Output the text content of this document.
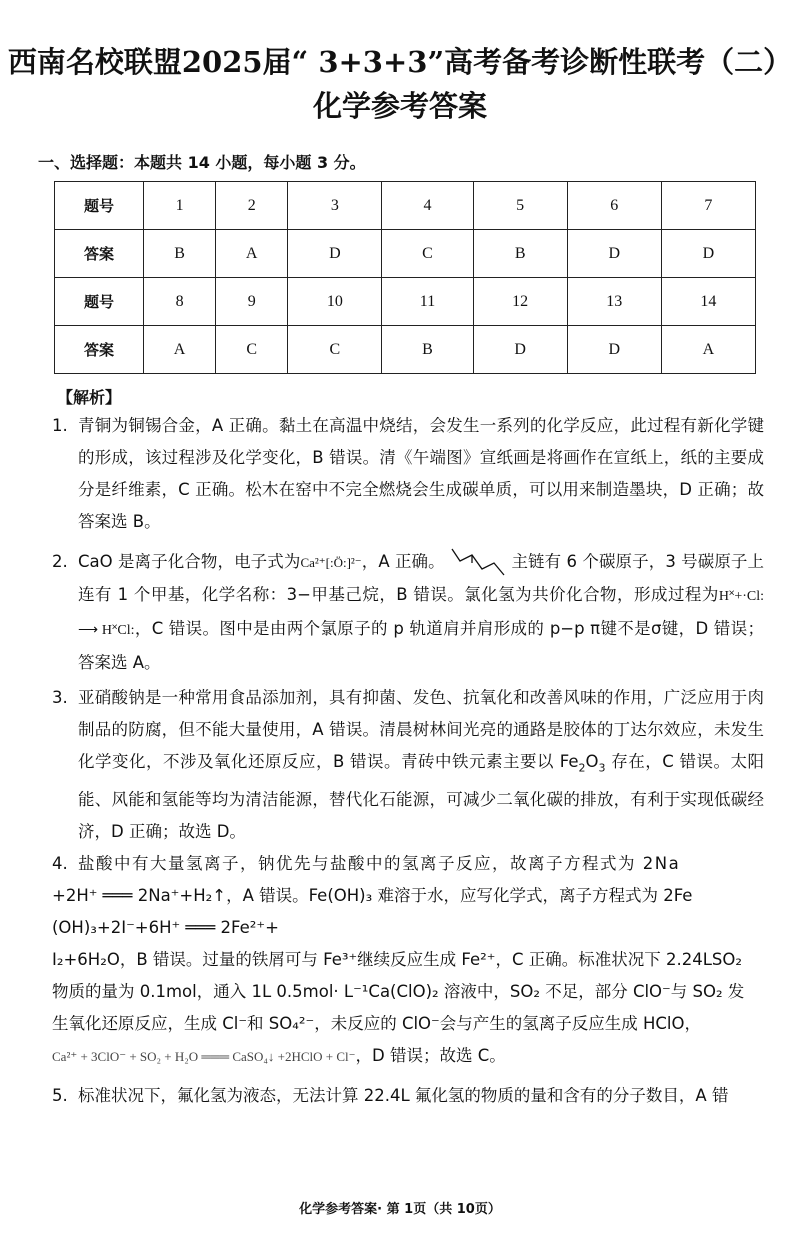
西南名校联盟2025届“ 3+3+3”高考备考诊断性联考（二）
化学参考答案
一、选择题：本题共 14 小题，每小题 3 分。
题号	1	2	3	4	5	6	7
答案	B	A	D	C	B	D	D
题号	8	9	10	11	12	13	14
答案	A	C	C	B	D	D	A
【解析】
1. 青铜为铜锡合金，A 正确。黏土在高温中烧结，会发生一系列的化学反应，此过程有新化学键的形成，该过程涉及化学变化，B 错误。清《午端图》宣纸画是将画作在宣纸上，纸的主要成分是纤维素，C 正确。松木在窑中不完全燃烧会生成碳单质，可以用来制造墨块，D 正确；故答案选 B。
2. CaO 是离子化合物，电子式为Ca²⁺[:Ö:]²⁻，A 正确。	主链有 6 个碳原子，3 号碳原子上连有 1 个甲基，化学名称：3−甲基己烷，B 错误。氯化氢为共价化合物，形成过程为H˟+·Cl: ⟶ H˟Cl:，C 错误。图中是由两个氯原子的 p 轨道肩并肩形成的 p−p π键不是σ键，D 错误；答案选 A。
3. 亚硝酸钠是一种常用食品添加剂，具有抑菌、发色、抗氧化和改善风味的作用，广泛应用于肉制品的防腐，但不能大量使用，A 错误。清晨树林间光亮的通路是胶体的丁达尔效应，未发生化学变化，不涉及氧化还原反应，B 错误。青砖中铁元素主要以 $Fe_2O_3$ 存在，C 错误。太阳能、风能和氢能等均为清洁能源，替代化石能源，可减少二氧化碳的排放，有利于实现低碳经济，D 正确；故选 D。
4. 盐酸中有大量氢离子，钠优先与盐酸中的氢离子反应，故离子方程式为 2Na
+2H⁺ ═══ 2Na⁺+H₂↑，A 错误。Fe(OH)₃ 难溶于水，应写化学式，离子方程式为 2Fe
(OH)₃+2I⁻+6H⁺ ═══ 2Fe²⁺+
I₂+6H₂O，B 错误。过量的铁屑可与 Fe³⁺继续反应生成 Fe²⁺，C 正确。标准状况下 2.24LSO₂
物质的量为 0.1mol，通入 1L 0.5mol· L⁻¹Ca(ClO)₂ 溶液中，SO₂ 不足，部分 ClO⁻与 SO₂ 发
生氧化还原反应，生成 Cl⁻和 SO₄²⁻，未反应的 ClO⁻会与产生的氢离子反应生成 HClO，
Ca²⁺ + 3ClO⁻ + SO₂ + H₂O ═══ CaSO₄↓ +2HClO + Cl⁻，D 错误；故选 C。
5. 标准状况下，氟化氢为液态，无法计算 22.4L 氟化氢的物质的量和含有的分子数目，A 错
化学参考答案· 第 1页（共 10页）
